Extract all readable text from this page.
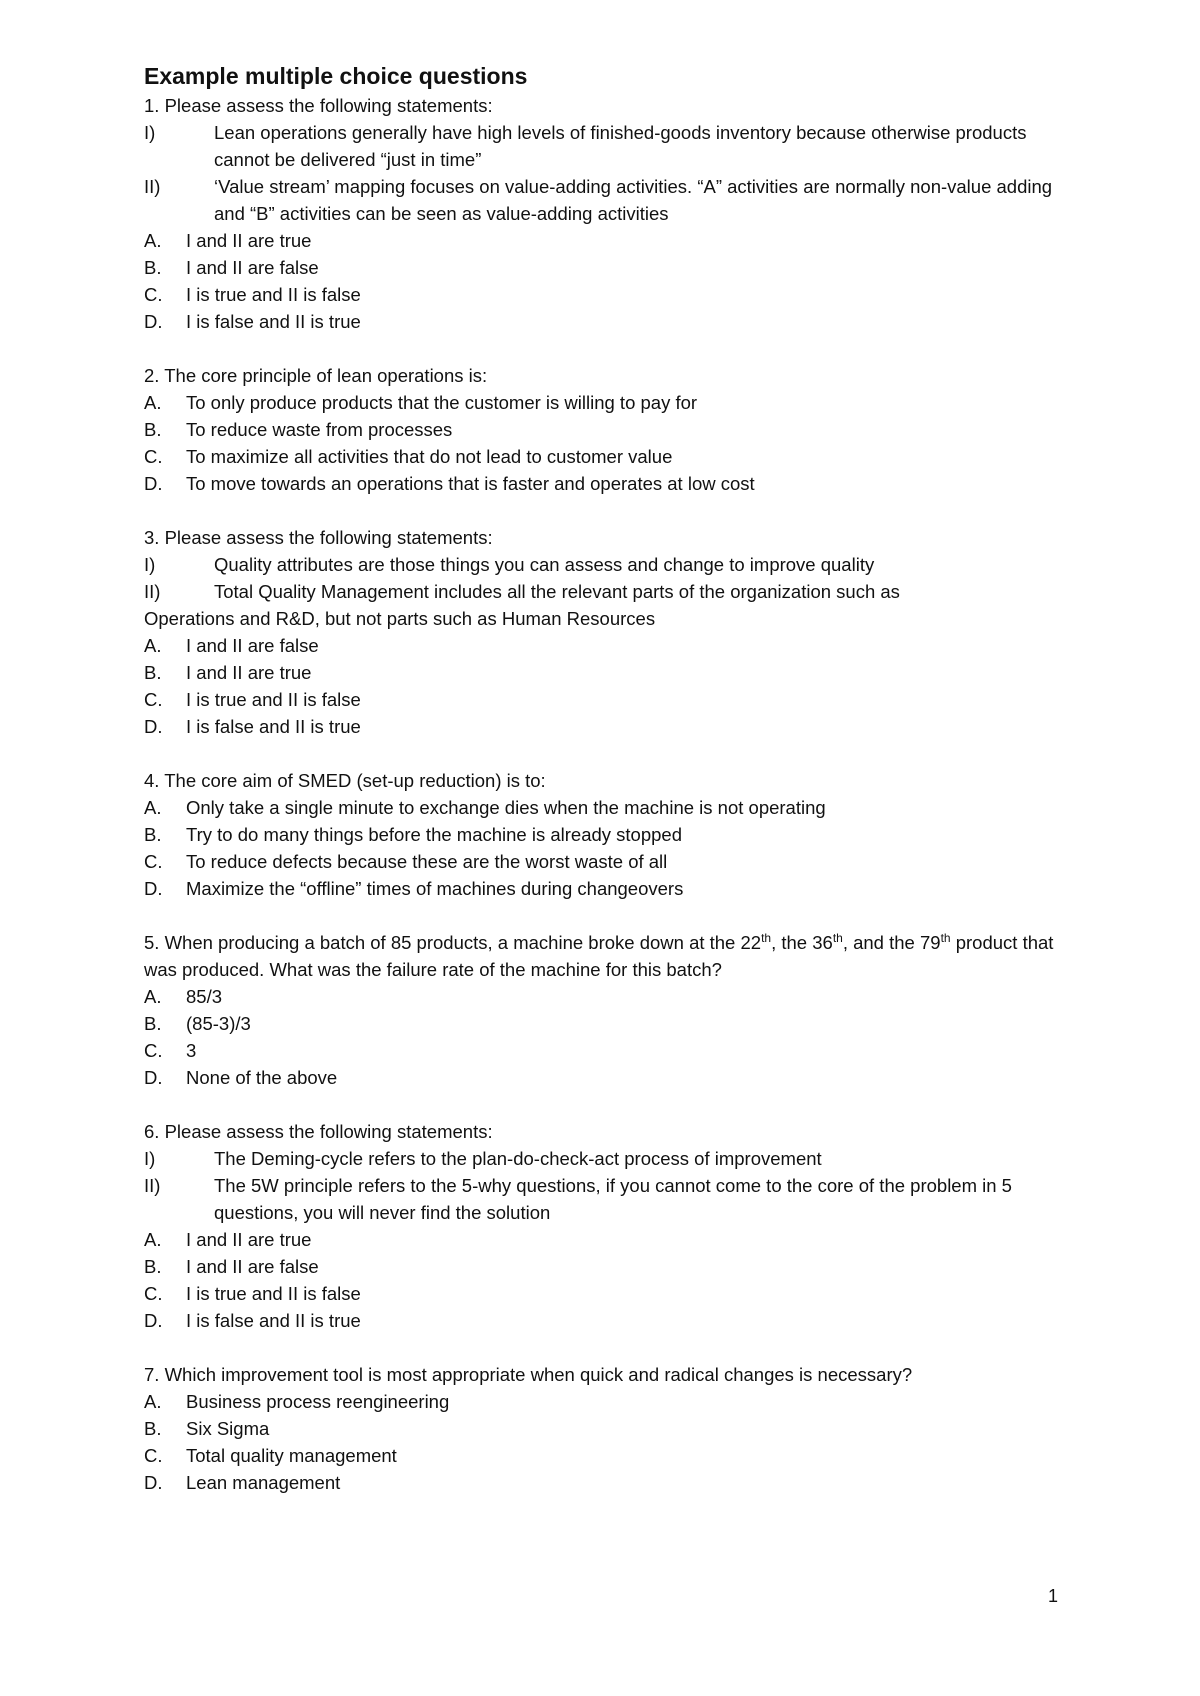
Example multiple choice questions

1. Please assess the following statements:

I)	Lean operations generally have high levels of finished-goods inventory because otherwise products cannot be delivered “just in time”
II)	‘Value stream’ mapping focuses on value-adding activities. “A” activities are normally non-value adding and “B” activities can be seen as value-adding activities
A. I and II are true
B. I and II are false
C. I is true and II is false
D. I is false and II is true

2. The core principle of lean operations is:

A. To only produce products that the customer is willing to pay for
B. To reduce waste from processes
C. To maximize all activities that do not lead to customer value
D. To move towards an operations that is faster and operates at low cost

3. Please assess the following statements:

I)	Quality attributes are those things you can assess and change to improve quality
II)	Total Quality Management includes all the relevant parts of the organization such as

Operations and R&D, but not parts such as Human Resources

A. I and II are false
B. I and II are true
C. I is true and II is false
D. I is false and II is true

4. The core aim of SMED (set-up reduction) is to:

A. Only take a single minute to exchange dies when the machine is not operating
B. Try to do many things before the machine is already stopped
C. To reduce defects because these are the worst waste of all
D. Maximize the “offline” times of machines during changeovers

5. When producing a batch of 85 products, a machine broke down at the 22th, the 36th, and the 79th product that was produced. What was the failure rate of the machine for this batch?

A. 85/3
B. (85-3)/3
C. 3
D. None of the above

6. Please assess the following statements:

I)	The Deming-cycle refers to the plan-do-check-act process of improvement
II)	The 5W principle refers to the 5-why questions, if you cannot come to the core of the problem in 5 questions, you will never find the solution
A. I and II are true
B. I and II are false
C. I is true and II is false
D. I is false and II is true

7. Which improvement tool is most appropriate when quick and radical changes is necessary?

A. Business process reengineering
B. Six Sigma
C. Total quality management
D. Lean management
1
